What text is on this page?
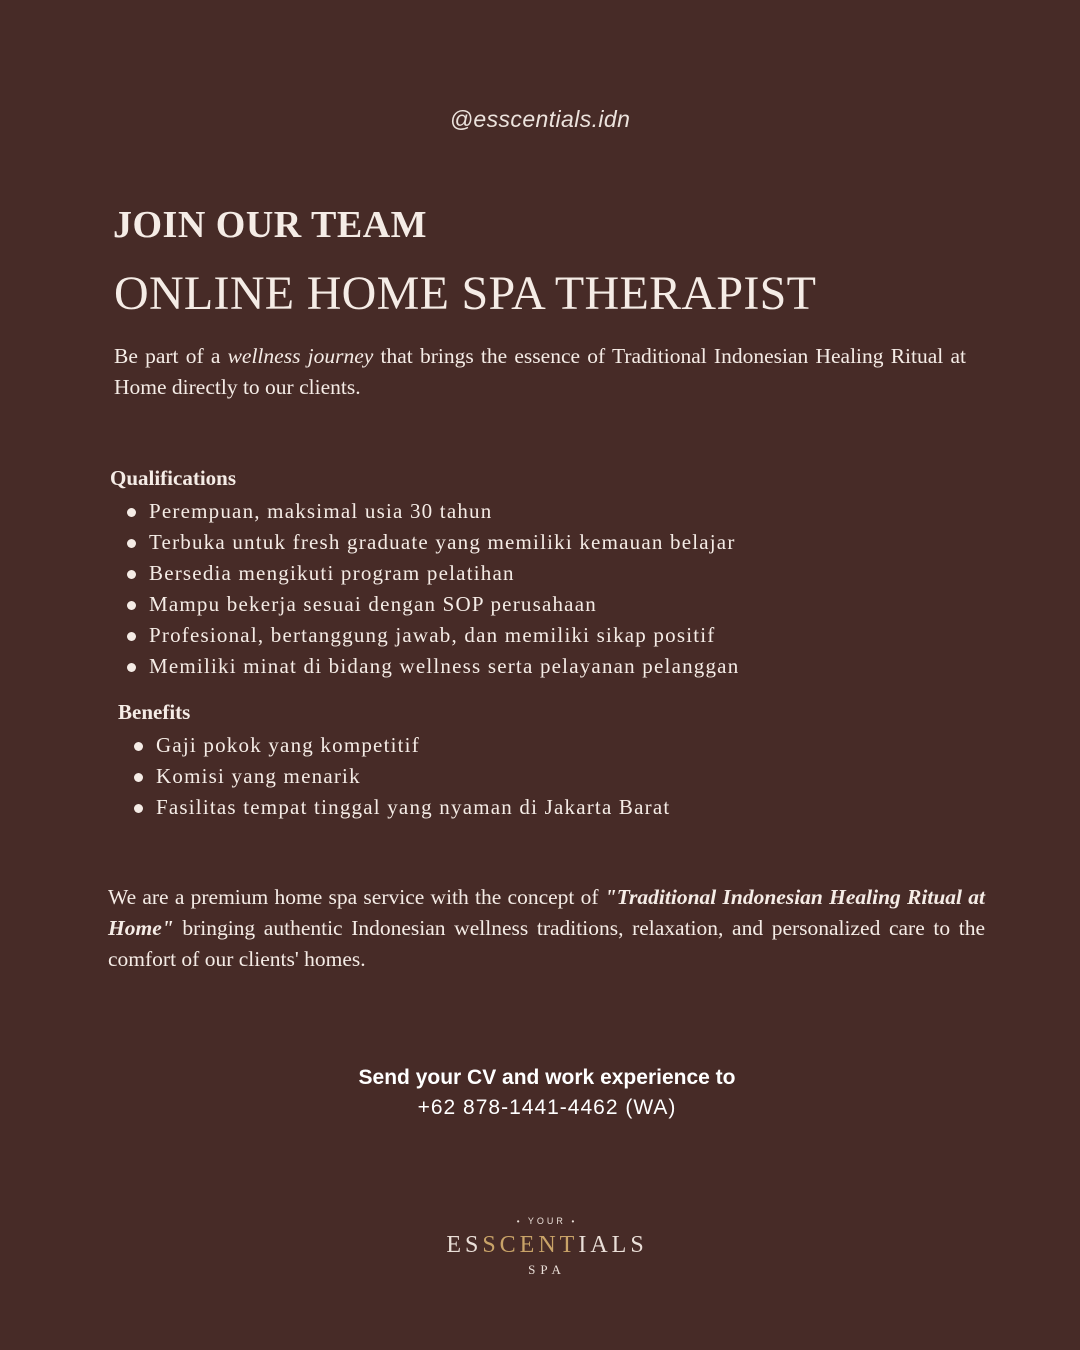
@esscentials.idn
JOIN OUR TEAM
ONLINE HOME SPA THERAPIST
Be part of a wellness journey that brings the essence of Traditional Indonesian Healing Ritual at Home directly to our clients.
Qualifications
Perempuan, maksimal usia 30 tahun
Terbuka untuk fresh graduate yang memiliki kemauan belajar
Bersedia mengikuti program pelatihan
Mampu bekerja sesuai dengan SOP perusahaan
Profesional, bertanggung jawab, dan memiliki sikap positif
Memiliki minat di bidang wellness serta pelayanan pelanggan
Benefits
Gaji pokok yang kompetitif
Komisi yang menarik
Fasilitas tempat tinggal yang nyaman di Jakarta Barat
We are a premium home spa service with the concept of "Traditional Indonesian Healing Ritual at Home" bringing authentic Indonesian wellness traditions, relaxation, and personalized care to the comfort of our clients' homes.
Send your CV and work experience to
+62 878-1441-4462 (WA)
• YOUR •
ESSCENTIALS
SPA
